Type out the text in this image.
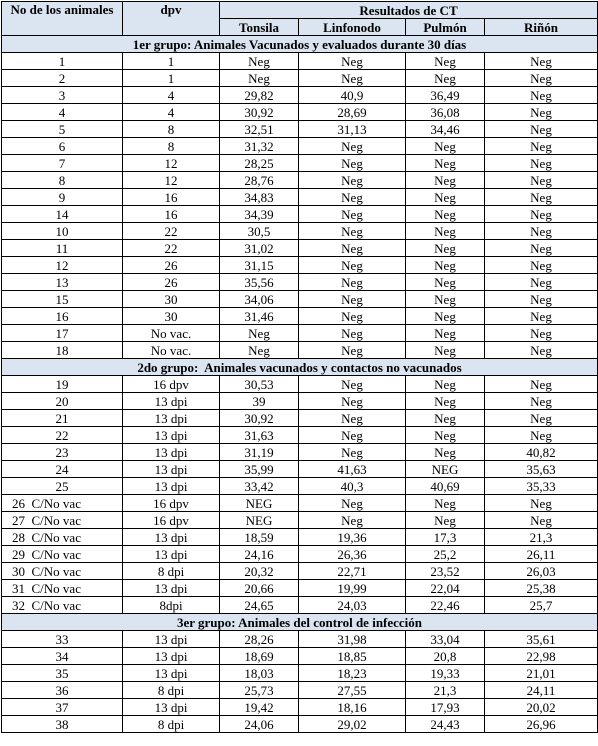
No de los animales	dpv	Resultados de CT			
		Tonsila	Linfonodo	Pulmón	Riñón
1er grupo: Animales Vacunados y evaluados durante 30 días					
1	1	Neg	Neg	Neg	Neg
2	1	Neg	Neg	Neg	Neg
3	4	29,82	40,9	36,49	Neg
4	4	30,92	28,69	36,08	Neg
5	8	32,51	31,13	34,46	Neg
6	8	31,32	Neg	Neg	Neg
7	12	28,25	Neg	Neg	Neg
8	12	28,76	Neg	Neg	Neg
9	16	34,83	Neg	Neg	Neg
14	16	34,39	Neg	Neg	Neg
10	22	30,5	Neg	Neg	Neg
11	22	31,02	Neg	Neg	Neg
12	26	31,15	Neg	Neg	Neg
13	26	35,56	Neg	Neg	Neg
15	30	34,06	Neg	Neg	Neg
16	30	31,46	Neg	Neg	Neg
17	No vac.	Neg	Neg	Neg	Neg
18	No vac.	Neg	Neg	Neg	Neg
2do grupo:  Animales vacunados y contactos no vacunados					
19	16 dpv	30,53	Neg	Neg	Neg
20	13 dpi	39	Neg	Neg	Neg
21	13 dpi	30,92	Neg	Neg	Neg
22	13 dpi	31,63	Neg	Neg	Neg
23	13 dpi	31,19	Neg	Neg	40,82
24	13 dpi	35,99	41,63	NEG	35,63
25	13 dpi	33,42	40,3	40,69	35,33
26  C/No vac	16 dpv	NEG	Neg	Neg	Neg
27  C/No vac	16 dpv	NEG	Neg	Neg	Neg
28  C/No vac	13 dpi	18,59	19,36	17,3	21,3
29  C/No vac	13 dpi	24,16	26,36	25,2	26,11
30  C/No vac	8 dpi	20,32	22,71	23,52	26,03
31  C/No vac	13 dpi	20,66	19,99	22,04	25,38
32  C/No vac	8dpi	24,65	24,03	22,46	25,7
3er grupo: Animales del control de infección					
33	13 dpi	28,26	31,98	33,04	35,61
34	13 dpi	18,69	18,85	20,8	22,98
35	13 dpi	18,03	18,23	19,33	21,01
36	8 dpi	25,73	27,55	21,3	24,11
37	13 dpi	19,42	18,16	17,93	20,02
38	8 dpi	24,06	29,02	24,43	26,96
